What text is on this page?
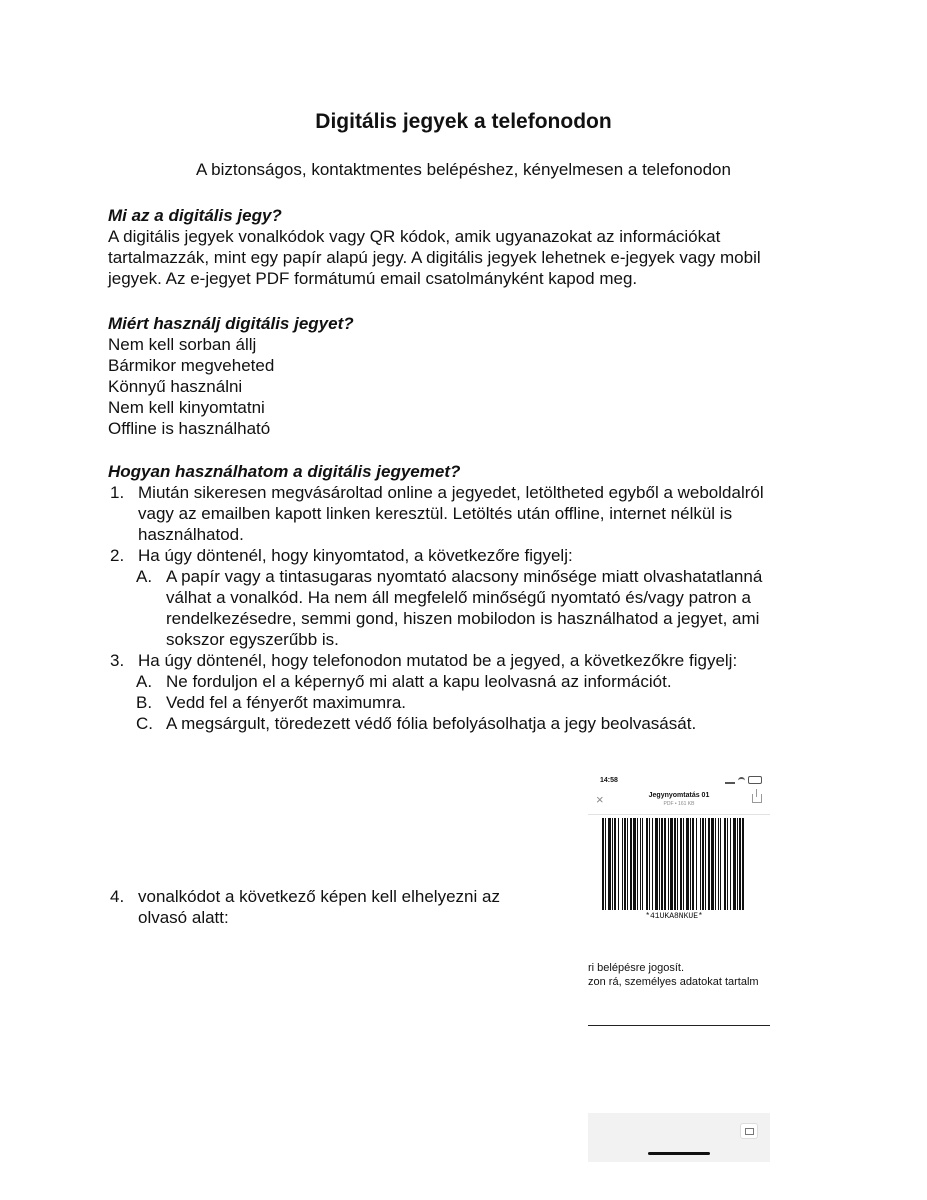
Digitális jegyek a telefonodon
A biztonságos, kontaktmentes belépéshez, kényelmesen a telefonodon
Mi az a digitális jegy?
A digitális jegyek vonalkódok vagy QR kódok, amik ugyanazokat az információkat
tartalmazzák, mint egy papír alapú jegy. A digitális jegyek lehetnek e-jegyek vagy mobil
jegyek. Az e-jegyet PDF formátumú email csatolmányként kapod meg.
Miért használj digitális jegyet?
Nem kell sorban állj
Bármikor megveheted
Könnyű használni
Nem kell kinyomtatni
Offline is használható
Hogyan használhatom a digitális jegyemet?
1. Miután sikeresen megvásároltad online a jegyedet, letöltheted egyből a weboldalról
vagy az emailben kapott linken keresztül. Letöltés után offline, internet nélkül is
használhatod.
2. Ha úgy döntenél, hogy kinyomtatod, a következőre figyelj:
A. A papír vagy a tintasugaras nyomtató alacsony minősége miatt olvashatatlanná
válhat a vonalkód. Ha nem áll megfelelő minőségű nyomtató és/vagy patron a
rendelkezésedre, semmi gond, hiszen mobilodon is használhatod a jegyet, ami
sokszor egyszerűbb is.
3. Ha úgy döntenél, hogy telefonodon mutatod be a jegyed, a következőkre figyelj:
A. Ne forduljon el a képernyő mi alatt a kapu leolvasná az információt.
B. Vedd fel a fényerőt maximumra.
C. A megsárgult, töredezett védő fólia befolyásolhatja a jegy beolvasását.
4. vonalkódot a következő képen kell elhelyezni az
olvasó alatt:
14:58
×	Jegynyomtatás 01
PDF • 161 KB
*41UKA8NKUE*
ri belépésre jogosít.
zon rá, személyes adatokat tartalm
